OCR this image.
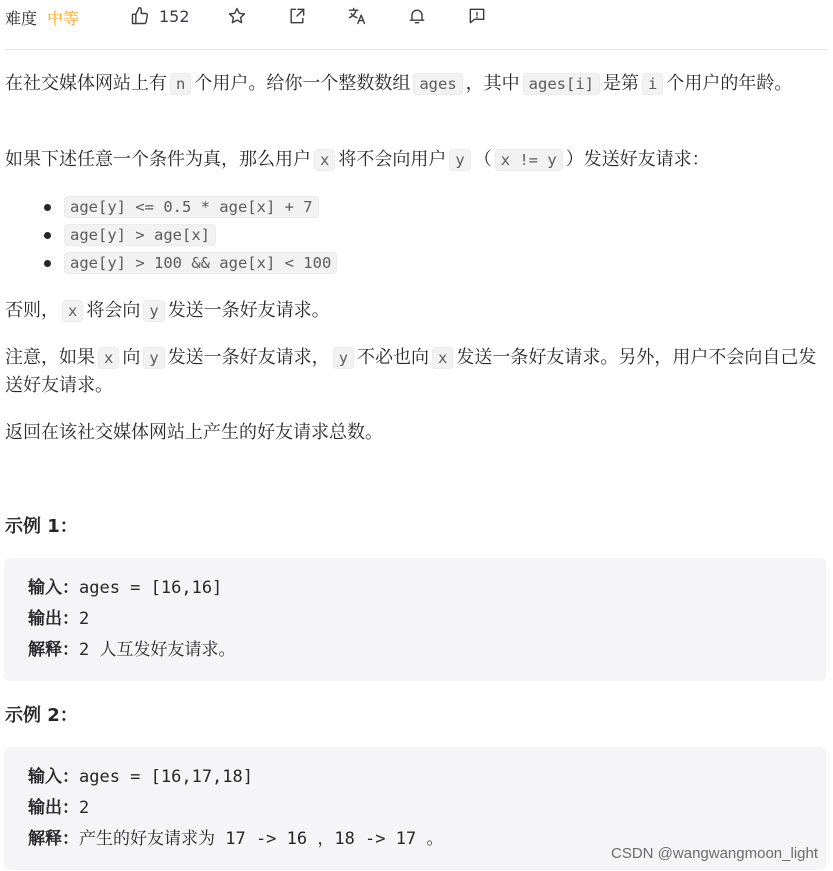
难度 中等	152

在社交媒体网站上有 n 个用户。给你一个整数数组 ages ，其中 ages[i] 是第 i 个用户的年龄。

如果下述任意一个条件为真，那么用户 x 将不会向用户 y （ x != y ）发送好友请求：

age[y] <= 0.5 * age[x] + 7
age[y] > age[x]
age[y] > 100 && age[x] < 100

否则， x 将会向 y 发送一条好友请求。

注意，如果 x 向 y 发送一条好友请求， y 不必也向 x 发送一条好友请求。另外，用户不会向自己发送好友请求。

返回在该社交媒体网站上产生的好友请求总数。

示例 1：
输入：ages = [16,16]
输出：2
解释：2 人互发好友请求。
示例 2：
输入：ages = [16,17,18]
输出：2
解释：产生的好友请求为 17 -> 16 ，18 -> 17 。
CSDN @wangwangmoon_light
